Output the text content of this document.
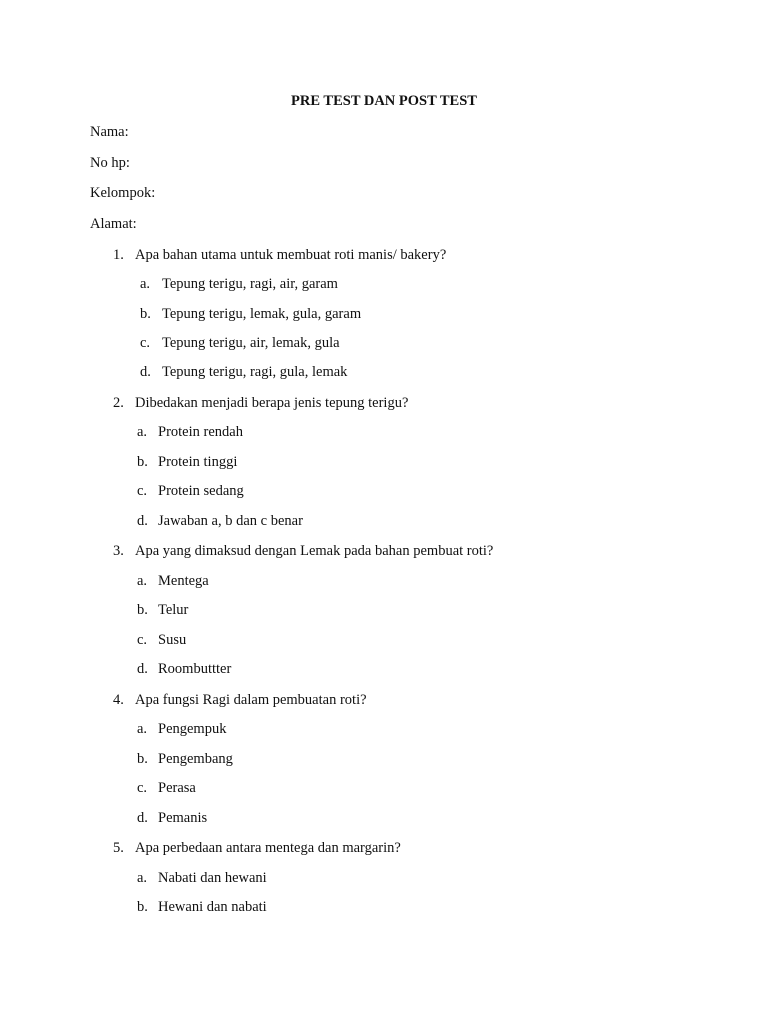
PRE TEST DAN POST TEST
Nama:
No hp:
Kelompok:
Alamat:
1. Apa bahan utama untuk membuat roti manis/ bakery?
a. Tepung terigu, ragi, air, garam
b. Tepung terigu, lemak, gula, garam
c. Tepung terigu, air, lemak, gula
d. Tepung terigu, ragi, gula, lemak
2. Dibedakan menjadi berapa jenis tepung terigu?
a. Protein rendah
b. Protein tinggi
c. Protein sedang
d. Jawaban a, b dan c benar
3. Apa yang dimaksud dengan Lemak pada bahan pembuat roti?
a. Mentega
b. Telur
c. Susu
d. Roombuttter
4. Apa fungsi Ragi dalam pembuatan roti?
a. Pengempuk
b. Pengembang
c. Perasa
d. Pemanis
5. Apa perbedaan antara mentega dan margarin?
a. Nabati dan hewani
b. Hewani dan nabati
